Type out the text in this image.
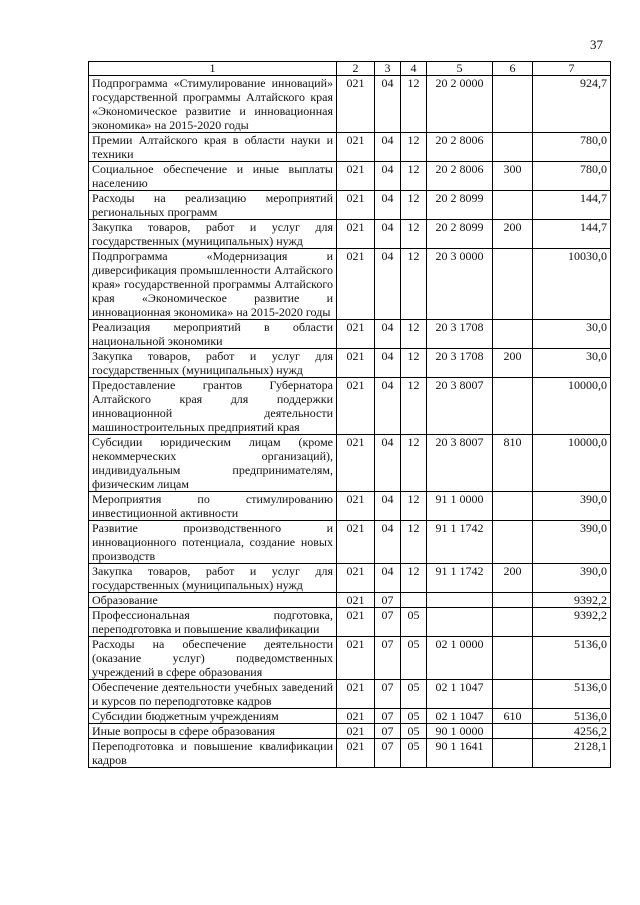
37
1	2	3	4	5	6	7
Подпрограмма «Стимулирование инноваций» государственной программы Алтайского края «Экономическое развитие и инновационная экономика» на 2015-2020 годы	021	04	12	20 2 0000		924,7
Премии Алтайского края в области науки и техники	021	04	12	20 2 8006		780,0
Социальное обеспечение и иные выплаты населению	021	04	12	20 2 8006	300	780,0
Расходы на реализацию мероприятий региональных программ	021	04	12	20 2 8099		144,7
Закупка товаров, работ и услуг для государственных (муниципальных) нужд	021	04	12	20 2 8099	200	144,7
Подпрограмма «Модернизация и диверсификация промышленности Алтайского края» государственной программы Алтайского края «Экономическое развитие и инновационная экономика» на 2015-2020 годы	021	04	12	20 3 0000		10030,0
Реализация мероприятий в области национальной экономики	021	04	12	20 3 1708		30,0
Закупка товаров, работ и услуг для государственных (муниципальных) нужд	021	04	12	20 3 1708	200	30,0
Предоставление грантов Губернатора Алтайского края для поддержки инновационной деятельности машиностроительных предприятий края	021	04	12	20 3 8007		10000,0
Субсидии юридическим лицам (кроме некоммерческих организаций), индивидуальным предпринимателям, физическим лицам	021	04	12	20 3 8007	810	10000,0
Мероприятия по стимулированию инвестиционной активности	021	04	12	91 1 0000		390,0
Развитие производственного и инновационного потенциала, создание новых производств	021	04	12	91 1 1742		390,0
Закупка товаров, работ и услуг для государственных (муниципальных) нужд	021	04	12	91 1 1742	200	390,0
Образование	021	07				9392,2
Профессиональная подготовка, переподготовка и повышение квалификации	021	07	05			9392,2
Расходы на обеспечение деятельности (оказание услуг) подведомственных учреждений в сфере образования	021	07	05	02 1 0000		5136,0
Обеспечение деятельности учебных заведений и курсов по переподготовке кадров	021	07	05	02 1 1047		5136,0
Субсидии бюджетным учреждениям	021	07	05	02 1 1047	610	5136,0
Иные вопросы в сфере образования	021	07	05	90 1 0000		4256,2
Переподготовка и повышение квалификации кадров	021	07	05	90 1 1641		2128,1
